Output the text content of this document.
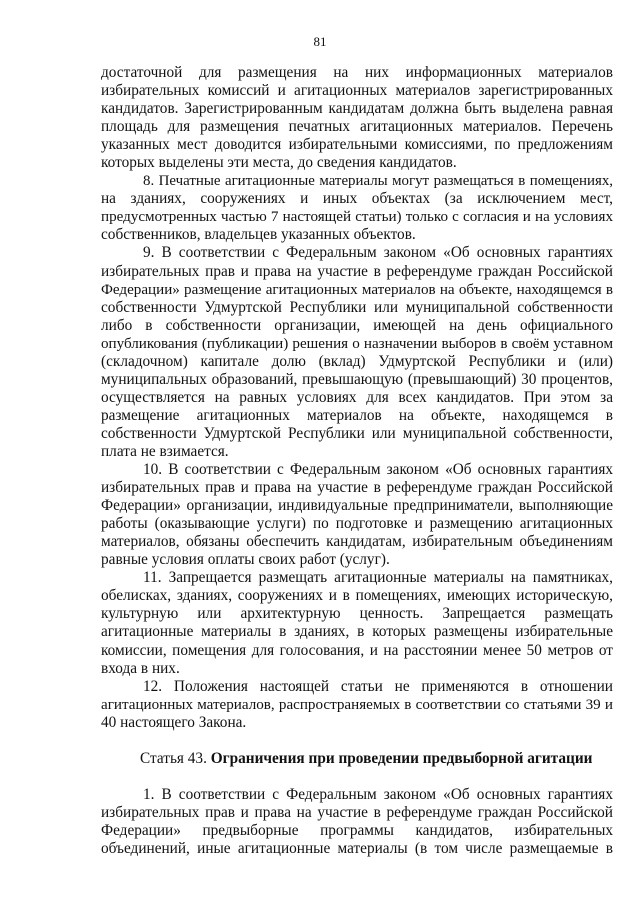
81
достаточной для размещения на них информационных материалов
избирательных комиссий и агитационных материалов зарегистрированных
кандидатов. Зарегистрированным кандидатам должна быть выделена равная
площадь для размещения печатных агитационных материалов. Перечень
указанных мест доводится избирательными комиссиями, по предложениям
которых выделены эти места, до сведения кандидатов.
8. Печатные агитационные материалы могут размещаться в помещениях,
на зданиях, сооружениях и иных объектах (за исключением мест,
предусмотренных частью 7 настоящей статьи) только с согласия и на условиях
собственников, владельцев указанных объектов.
9. В соответствии с Федеральным законом «Об основных гарантиях
избирательных прав и права на участие в референдуме граждан Российской
Федерации» размещение агитационных материалов на объекте, находящемся в
собственности Удмуртской Республики или муниципальной собственности
либо в собственности организации, имеющей на день официального
опубликования (публикации) решения о назначении выборов в своём уставном
(складочном) капитале долю (вклад) Удмуртской Республики и (или)
муниципальных образований, превышающую (превышающий) 30 процентов,
осуществляется на равных условиях для всех кандидатов. При этом за
размещение агитационных материалов на объекте, находящемся в
собственности Удмуртской Республики или муниципальной собственности,
плата не взимается.
10. В соответствии с Федеральным законом «Об основных гарантиях
избирательных прав и права на участие в референдуме граждан Российской
Федерации» организации, индивидуальные предприниматели, выполняющие
работы (оказывающие услуги) по подготовке и размещению агитационных
материалов, обязаны обеспечить кандидатам, избирательным объединениям
равные условия оплаты своих работ (услуг).
11. Запрещается размещать агитационные материалы на памятниках,
обелисках, зданиях, сооружениях и в помещениях, имеющих историческую,
культурную или архитектурную ценность. Запрещается размещать
агитационные материалы в зданиях, в которых размещены избирательные
комиссии, помещения для голосования, и на расстоянии менее 50 метров от
входа в них.
12. Положения настоящей статьи не применяются в отношении
агитационных материалов, распространяемых в соответствии со статьями 39 и
40 настоящего Закона.
Статья 43. Ограничения при проведении предвыборной агитации
1. В соответствии с Федеральным законом «Об основных гарантиях
избирательных прав и права на участие в референдуме граждан Российской
Федерации» предвыборные программы кандидатов, избирательных
объединений, иные агитационные материалы (в том числе размещаемые в
